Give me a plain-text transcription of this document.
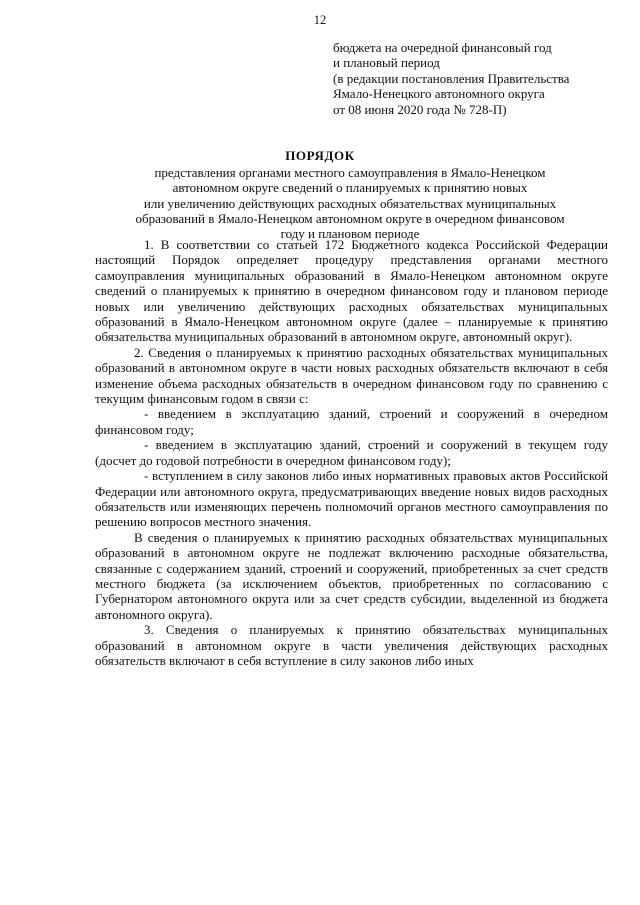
12
бюджета на очередной финансовый год
и плановый период
(в редакции постановления Правительства
Ямало-Ненецкого автономного округа
от 08 июня 2020 года № 728-П)
ПОРЯДОК
представления органами местного самоуправления в Ямало-Ненецком
автономном округе сведений о планируемых к принятию новых
или увеличению действующих расходных обязательствах муниципальных
образований в Ямало-Ненецком автономном округе в очередном финансовом
году и плановом периоде

1. В соответствии со статьей 172 Бюджетного кодекса Российской Федерации настоящий Порядок определяет процедуру представления органами местного самоуправления муниципальных образований в Ямало-Ненецком автономном округе сведений о планируемых к принятию в очередном финансовом году и плановом периоде новых или увеличению действующих расходных обязательствах муниципальных образований в Ямало-Ненецком автономном округе (далее – планируемые к принятию обязательства муниципальных образований в автономном округе, автономный округ).

2. Сведения о планируемых к принятию расходных обязательствах муниципальных образований в автономном округе в части новых расходных обязательств включают в себя изменение объема расходных обязательств в очередном финансовом году по сравнению с текущим финансовым годом в связи с:

- введением в эксплуатацию зданий, строений и сооружений в очередном финансовом году;

- введением в эксплуатацию зданий, строений и сооружений в текущем году (досчет до годовой потребности в очередном финансовом году);

- вступлением в силу законов либо иных нормативных правовых актов Российской Федерации или автономного округа, предусматривающих введение новых видов расходных обязательств или изменяющих перечень полномочий органов местного самоуправления по решению вопросов местного значения.

В сведения о планируемых к принятию расходных обязательствах муниципальных образований в автономном округе не подлежат включению расходные обязательства, связанные с содержанием зданий, строений и сооружений, приобретенных за счет средств местного бюджета (за исключением объектов, приобретенных по согласованию с Губернатором автономного округа или за счет средств субсидии, выделенной из бюджета автономного округа).

3. Сведения о планируемых к принятию обязательствах муниципальных образований в автономном округе в части увеличения действующих расходных обязательств включают в себя вступление в силу законов либо иных
